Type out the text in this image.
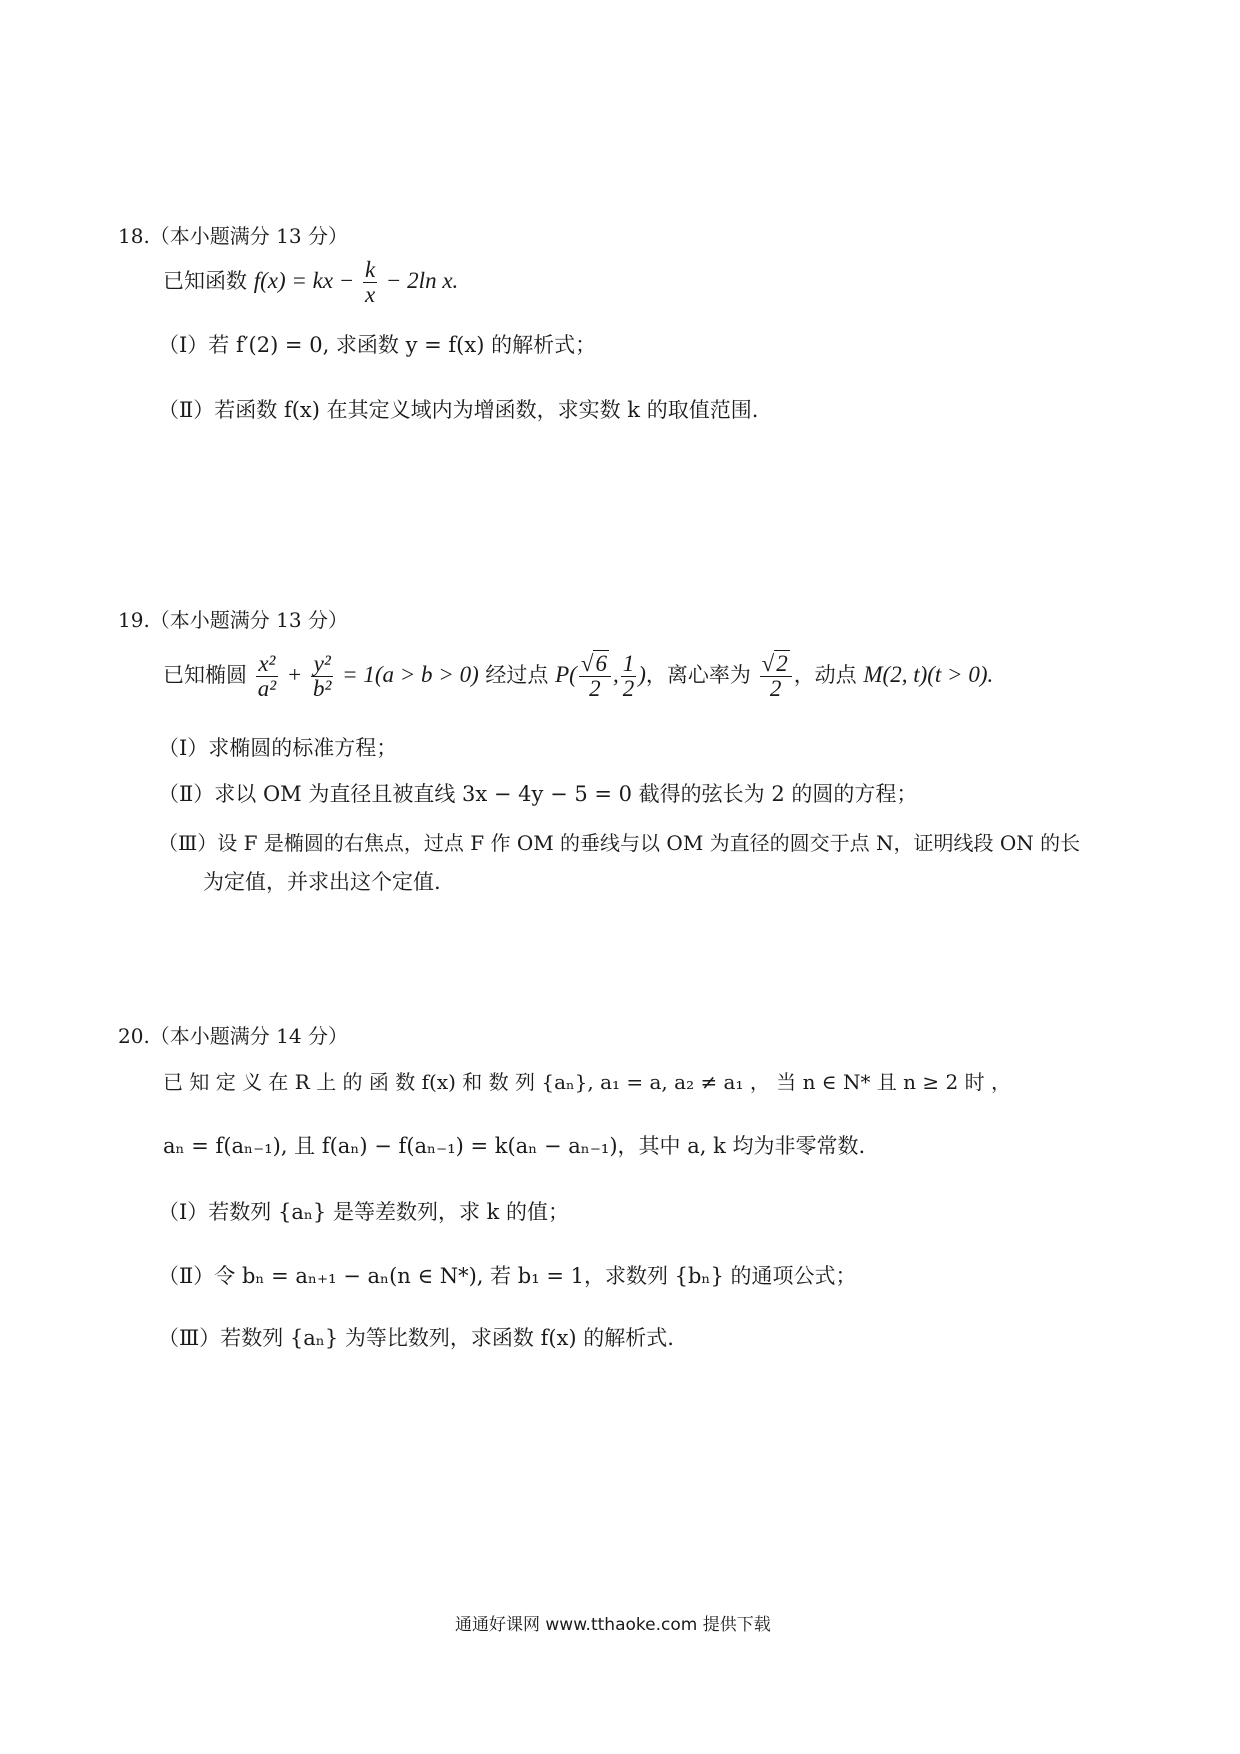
18.（本小题满分 13 分）
已知函数 f(x) = kx − $\frac{k}{x} - 2\ln$ x.
（Ⅰ）若 f′(2) = 0, 求函数 y = f(x) 的解析式；
（Ⅱ）若函数 f(x) 在其定义域内为增函数，求实数 k 的取值范围.
19.（本小题满分 13 分）
已知椭圆 $\frac{\text{x²}}{\text{a²}} + \frac{\text{y²}}{\text{b²}} = 1(a > b > 0)$ 经过点 $P( \frac{√6}{2}$ , $\frac{1}{2}$ )，离心率为 $\frac{√2}{2}$ ，动点 M(2, t)(t > 0).
（Ⅰ）求椭圆的标准方程；
（Ⅱ）求以 OM 为直径且被直线 3x − 4y − 5 = 0 截得的弦长为 2 的圆的方程；
（Ⅲ）设 F 是椭圆的右焦点，过点 F 作 OM 的垂线与以 OM 为直径的圆交于点 N，证明线段 ON 的长
为定值，并求出这个定值.
20.（本小题满分 14 分）
已 知 定 义 在 R 上 的 函 数 f(x) 和 数 列 {aₙ}, a₁ = a, a₂ ≠ a₁ ， 当 n ∈ N* 且 n ≥ 2 时 ，
aₙ = f(aₙ₋₁), 且 f(aₙ) − f(aₙ₋₁) = k(aₙ − aₙ₋₁)，其中 a, k 均为非零常数.
（Ⅰ）若数列 {aₙ} 是等差数列，求 k 的值；
（Ⅱ）令 bₙ = aₙ₊₁ − aₙ(n ∈ N*), 若 b₁ = 1，求数列 {bₙ} 的通项公式；
（Ⅲ）若数列 {aₙ} 为等比数列，求函数 f(x) 的解析式.
通通好课网 www.tthaoke.com 提供下载
